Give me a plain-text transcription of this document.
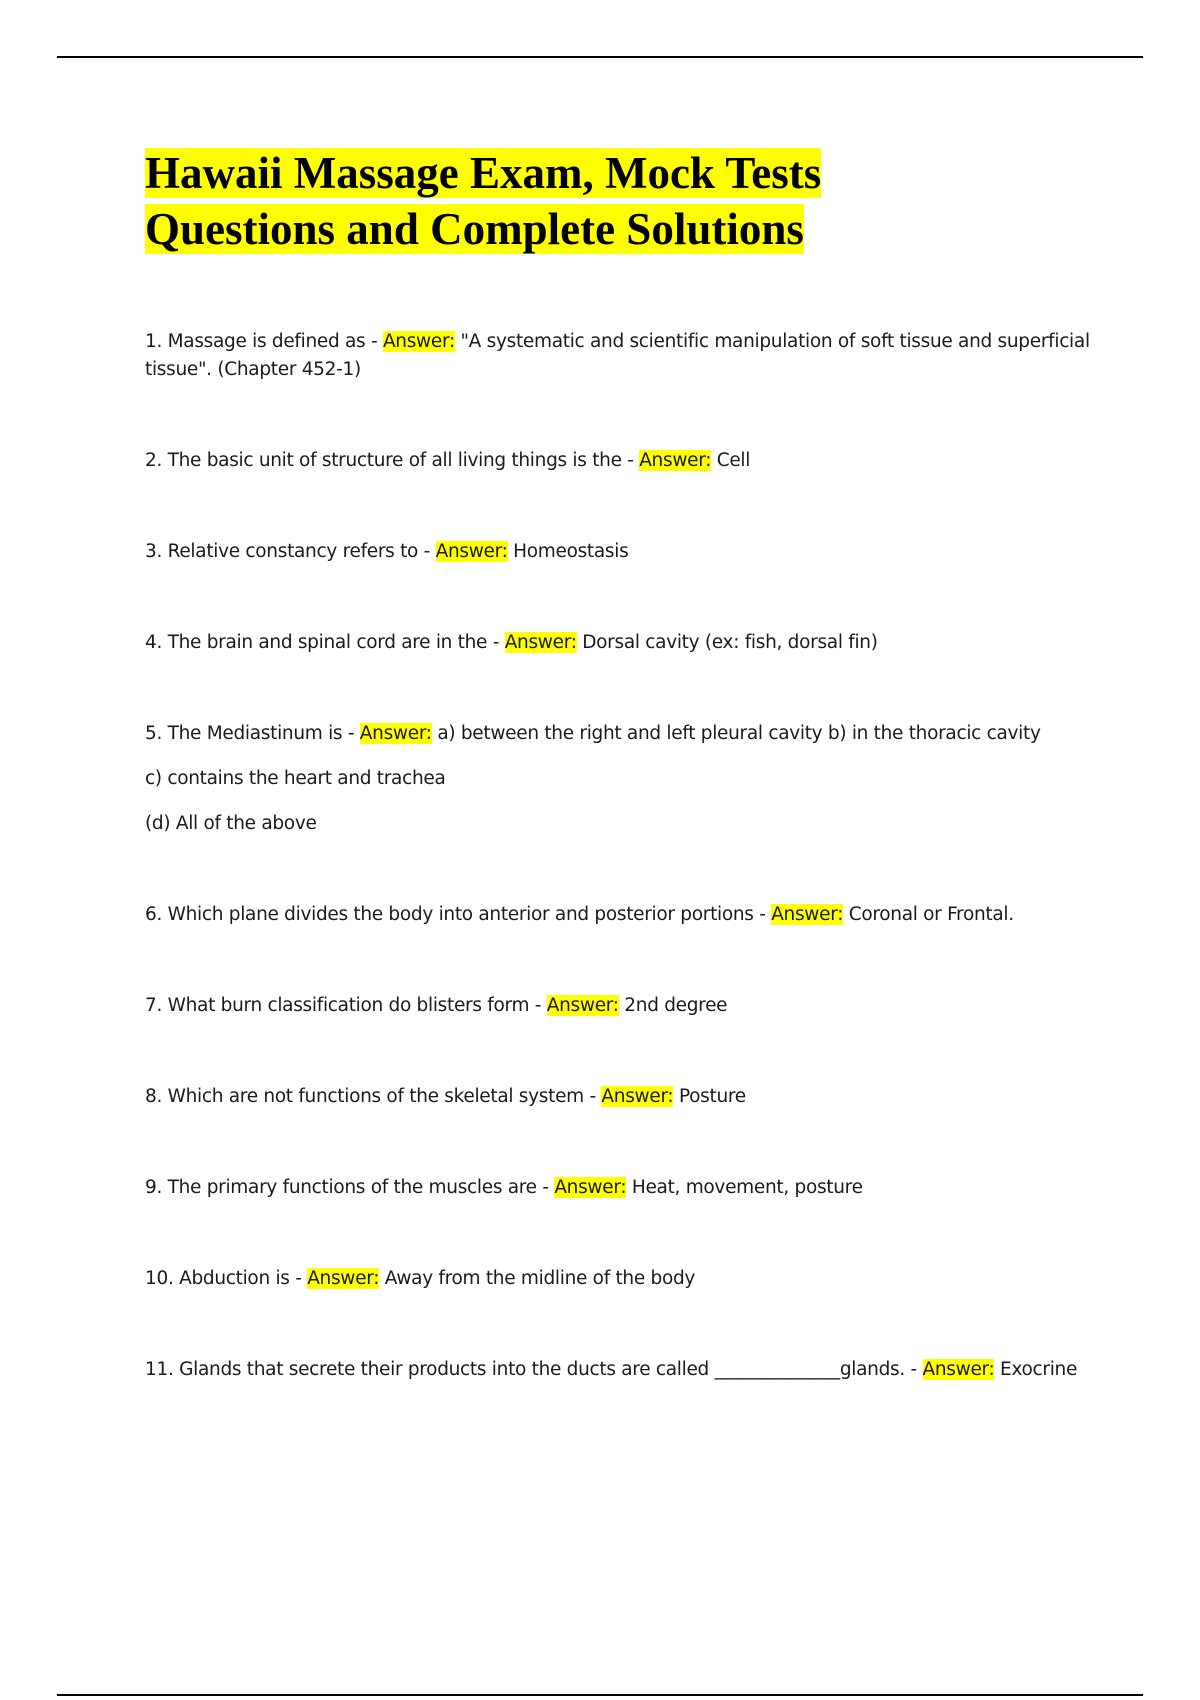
Hawaii Massage Exam, Mock Tests
Questions and Complete Solutions

1. Massage is defined as - Answer: "A systematic and scientific manipulation of soft tissue and superficial tissue". (Chapter 452-1)

2. The basic unit of structure of all living things is the - Answer: Cell

3. Relative constancy refers to - Answer: Homeostasis

4. The brain and spinal cord are in the - Answer: Dorsal cavity (ex: fish, dorsal fin)

5. The Mediastinum is - Answer: a) between the right and left pleural cavity b) in the thoracic cavity
c) contains the heart and trachea
(d) All of the above

6. Which plane divides the body into anterior and posterior portions - Answer: Coronal or Frontal.

7. What burn classification do blisters form - Answer: 2nd degree

8. Which are not functions of the skeletal system - Answer: Posture

9. The primary functions of the muscles are - Answer: Heat, movement, posture

10. Abduction is - Answer: Away from the midline of the body

11. Glands that secrete their products into the ducts are called ______________glands. - Answer: Exocrine
